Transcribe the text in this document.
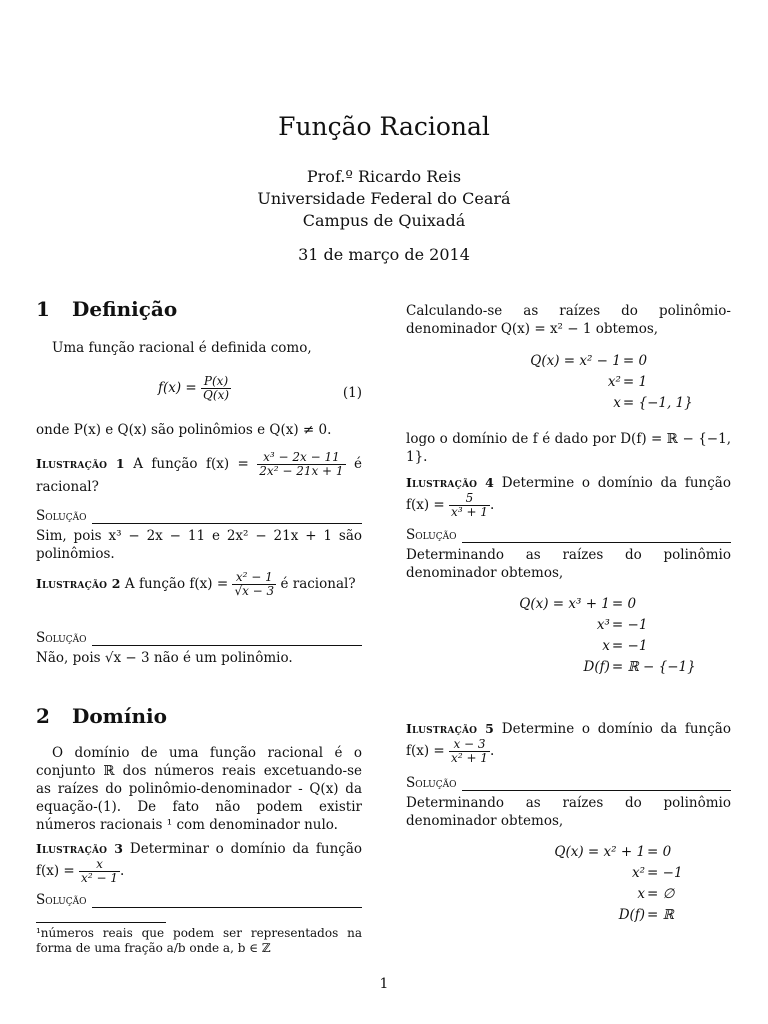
Função Racional
Prof.º Ricardo Reis
Universidade Federal do Ceará
Campus de Quixadá
31 de março de 2014
1 Definição
Uma função racional é definida como,
$f(x) = \frac{P(x)}{Q(x)}$	(1)
onde P(x) e Q(x) são polinômios e Q(x) ≠ 0.
Ilustração 1 A função $f(x) = \frac{\text{x³ − 2x − 11}}{\text{2x² − 21x + 1}}$ é racional?
Solução
Sim, pois x³ − 2x − 11 e 2x² − 21x + 1 são polinômios.
Ilustração 2 A função $f(x) = \frac{\text{x² − 1}}{√x - 3}$ é racional?
Solução
Não, pois √x − 3 não é um polinômio.
2 Domínio
O domínio de uma função racional é o conjunto ℝ dos números reais excetuando-se as raízes do polinômio-denominador - Q(x) da equação-(1). De fato não podem existir números racionais ¹ com denominador nulo.
Ilustração 3 Determinar o domínio da função $f(x) = \frac{x}{\text{x² − 1}}$ .
Solução
¹números reais que podem ser representados na forma de uma fração a/b onde a, b ∈ ℤ
Calculando-se as raízes do polinômio-denominador Q(x) = x² − 1 obtemos,
Q(x) = x² − 1 = 0
x² = 1
x = {−1, 1}
logo o domínio de f é dado por D(f) = ℝ − {−1, 1}.
Ilustração 4 Determine o domínio da função $f(x) = \frac{5}{\text{x³ + 1}}$ .
Solução
Determinando as raízes do polinômio denominador obtemos,
Q(x) = x³ + 1 = 0
x³ = −1
x = −1
D(f) = ℝ − {−1}
Ilustração 5 Determine o domínio da função $f(x) = \frac{x - 3}{\text{x² + 1}}$ .
Solução
Determinando as raízes do polinômio denominador obtemos,
Q(x) = x² + 1 = 0
x² = −1
x = ∅
D(f) = ℝ
1
